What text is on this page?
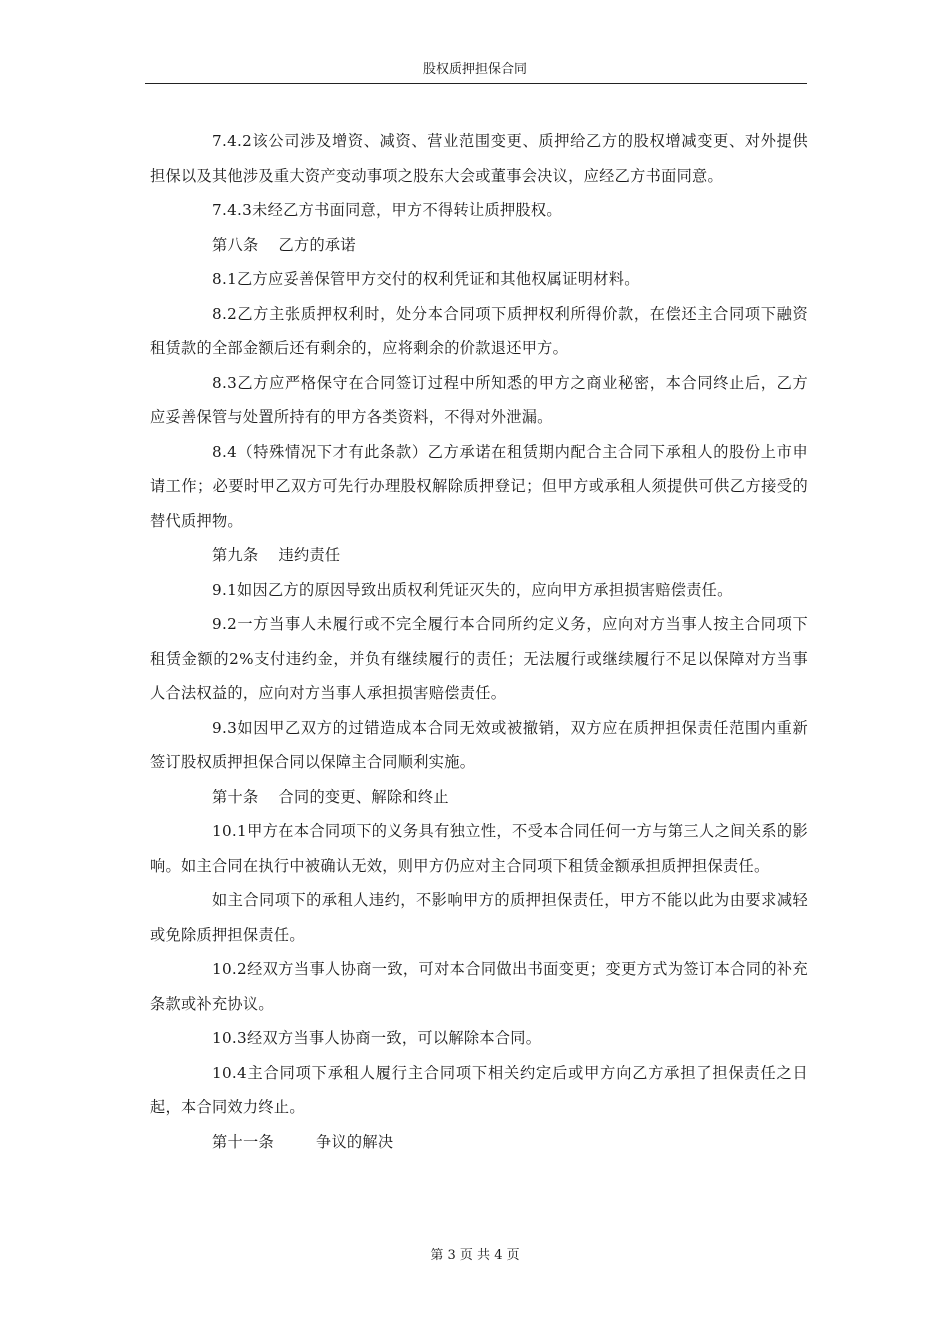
股权质押担保合同

7.4.2该公司涉及增资、减资、营业范围变更、质押给乙方的股权增减变更、对外提供担保以及其他涉及重大资产变动事项之股东大会或董事会决议，应经乙方书面同意。

7.4.3未经乙方书面同意，甲方不得转让质押股权。

第八条 乙方的承诺

8.1乙方应妥善保管甲方交付的权利凭证和其他权属证明材料。

8.2乙方主张质押权利时，处分本合同项下质押权利所得价款，在偿还主合同项下融资租赁款的全部金额后还有剩余的，应将剩余的价款退还甲方。

8.3乙方应严格保守在合同签订过程中所知悉的甲方之商业秘密，本合同终止后，乙方应妥善保管与处置所持有的甲方各类资料，不得对外泄漏。

8.4（特殊情况下才有此条款）乙方承诺在租赁期内配合主合同下承租人的股份上市申请工作；必要时甲乙双方可先行办理股权解除质押登记；但甲方或承租人须提供可供乙方接受的替代质押物。

第九条 违约责任

9.1如因乙方的原因导致出质权利凭证灭失的，应向甲方承担损害赔偿责任。

9.2一方当事人未履行或不完全履行本合同所约定义务，应向对方当事人按主合同项下租赁金额的2%支付违约金，并负有继续履行的责任；无法履行或继续履行不足以保障对方当事人合法权益的，应向对方当事人承担损害赔偿责任。

9.3如因甲乙双方的过错造成本合同无效或被撤销，双方应在质押担保责任范围内重新签订股权质押担保合同以保障主合同顺利实施。

第十条 合同的变更、解除和终止

10.1甲方在本合同项下的义务具有独立性，不受本合同任何一方与第三人之间关系的影响。如主合同在执行中被确认无效，则甲方仍应对主合同项下租赁金额承担质押担保责任。

如主合同项下的承租人违约，不影响甲方的质押担保责任，甲方不能以此为由要求减轻或免除质押担保责任。

10.2经双方当事人协商一致，可对本合同做出书面变更；变更方式为签订本合同的补充条款或补充协议。

10.3经双方当事人协商一致，可以解除本合同。

10.4主合同项下承租人履行主合同项下相关约定后或甲方向乙方承担了担保责任之日起，本合同效力终止。

第十一条	争议的解决

第 3 页 共 4 页
